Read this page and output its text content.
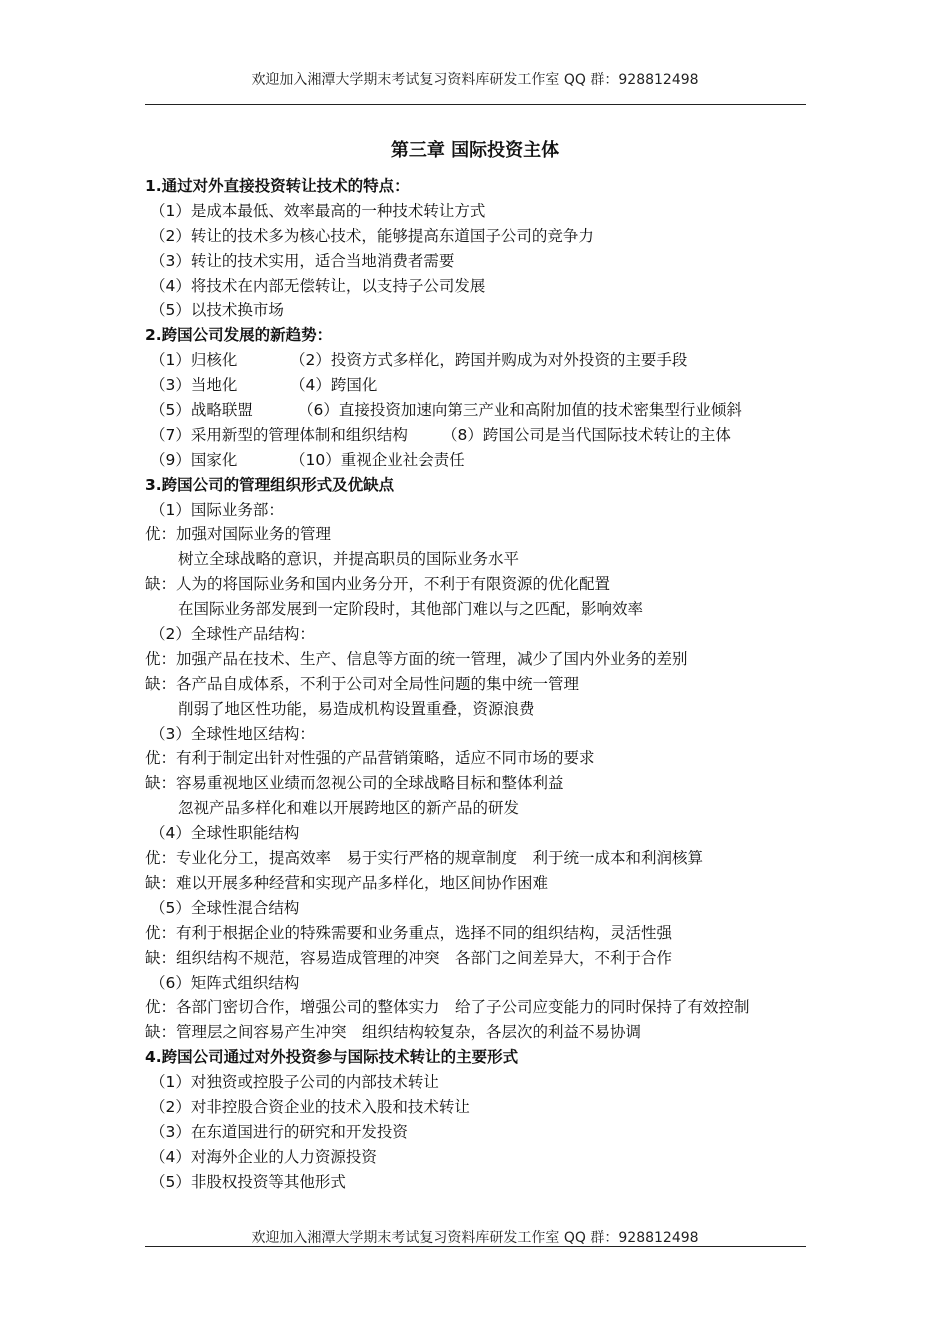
欢迎加入湘潭大学期末考试复习资料库研发工作室 QQ 群：928812498
第三章 国际投资主体
1.通过对外直接投资转让技术的特点：
（1）是成本最低、效率最高的一种技术转让方式
（2）转让的技术多为核心技术，能够提高东道国子公司的竞争力
（3）转让的技术实用，适合当地消费者需要
（4）将技术在内部无偿转让，以支持子公司发展
（5）以技术换市场
2.跨国公司发展的新趋势：
（1）归核化	（2）投资方式多样化，跨国并购成为对外投资的主要手段
（3）当地化	（4）跨国化
（5）战略联盟	（6）直接投资加速向第三产业和高附加值的技术密集型行业倾斜
（7）采用新型的管理体制和组织结构 （8）跨国公司是当代国际技术转让的主体
（9）国家化	（10）重视企业社会责任
3.跨国公司的管理组织形式及优缺点
（1）国际业务部：
优：加强对国际业务的管理
树立全球战略的意识，并提高职员的国际业务水平
缺：人为的将国际业务和国内业务分开，不利于有限资源的优化配置
在国际业务部发展到一定阶段时，其他部门难以与之匹配，影响效率
（2）全球性产品结构：
优：加强产品在技术、生产、信息等方面的统一管理，减少了国内外业务的差别
缺：各产品自成体系，不利于公司对全局性问题的集中统一管理
削弱了地区性功能，易造成机构设置重叠，资源浪费
（3）全球性地区结构：
优：有利于制定出针对性强的产品营销策略，适应不同市场的要求
缺：容易重视地区业绩而忽视公司的全球战略目标和整体利益
忽视产品多样化和难以开展跨地区的新产品的研发
（4）全球性职能结构
优：专业化分工，提高效率　易于实行严格的规章制度　利于统一成本和利润核算
缺：难以开展多种经营和实现产品多样化，地区间协作困难
（5）全球性混合结构
优：有利于根据企业的特殊需要和业务重点，选择不同的组织结构，灵活性强
缺：组织结构不规范，容易造成管理的冲突　各部门之间差异大，不利于合作
（6）矩阵式组织结构
优：各部门密切合作，增强公司的整体实力　给了子公司应变能力的同时保持了有效控制
缺：管理层之间容易产生冲突　组织结构较复杂，各层次的利益不易协调
4.跨国公司通过对外投资参与国际技术转让的主要形式
（1）对独资或控股子公司的内部技术转让
（2）对非控股合资企业的技术入股和技术转让
（3）在东道国进行的研究和开发投资
（4）对海外企业的人力资源投资
（5）非股权投资等其他形式
欢迎加入湘潭大学期末考试复习资料库研发工作室 QQ 群：928812498
